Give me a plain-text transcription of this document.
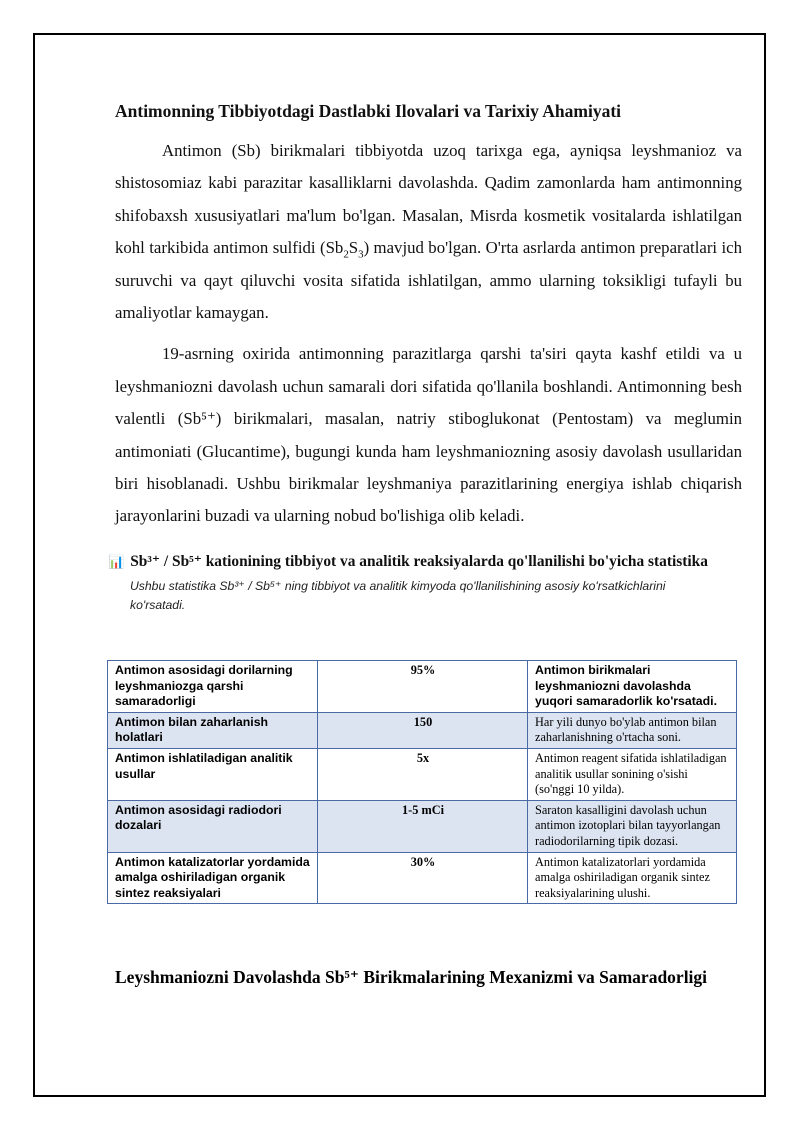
Antimonning Tibbiyotdagi Dastlabki Ilovalari va Tarixiy Ahamiyati

Antimon (Sb) birikmalari tibbiyotda uzoq tarixga ega, ayniqsa leyshmanioz va shistosomiaz kabi parazitar kasalliklarni davolashda. Qadim zamonlarda ham antimonning shifobaxsh xususiyatlari ma'lum bo'lgan. Masalan, Misrda kosmetik vositalarda ishlatilgan kohl tarkibida antimon sulfidi $(Sb_2S_3)$ mavjud bo'lgan. O'rta asrlarda antimon preparatlari ich suruvchi va qayt qiluvchi vosita sifatida ishlatilgan, ammo ularning toksikligi tufayli bu amaliyotlar kamaygan.

19-asrning oxirida antimonning parazitlarga qarshi ta'siri qayta kashf etildi va u leyshmaniozni davolash uchun samarali dori sifatida qo'llanila boshlandi. Antimonning besh valentli (Sb⁵⁺) birikmalari, masalan, natriy stiboglukonat (Pentostam) va meglumin antimoniati (Glucantime), bugungi kunda ham leyshmaniozning asosiy davolash usullaridan biri hisoblanadi. Ushbu birikmalar leyshmaniya parazitlarining energiya ishlab chiqarish jarayonlarini buzadi va ularning nobud bo'lishiga olib keladi.

📊 Sb³⁺ / Sb⁵⁺ kationining tibbiyot va analitik reaksiyalarda qo'llanilishi bo'yicha statistika
Ushbu statistika Sb³⁺ / Sb⁵⁺ ning tibbiyot va analitik kimyoda qo'llanilishining asosiy ko'rsatkichlarini ko'rsatadi.
Antimon asosidagi dorilarning leyshmaniozga qarshi samaradorligi	95%	Antimon birikmalari leyshmaniozni davolashda yuqori samaradorlik ko'rsatadi.
Antimon bilan zaharlanish holatlari	150	Har yili dunyo bo'ylab antimon bilan zaharlanishning o'rtacha soni.
Antimon ishlatiladigan analitik usullar	5x	Antimon reagent sifatida ishlatiladigan analitik usullar sonining o'sishi (so'nggi 10 yilda).
Antimon asosidagi radiodori dozalari	1-5 mCi	Saraton kasalligini davolash uchun antimon izotoplari bilan tayyorlangan radiodorilarning tipik dozasi.
Antimon katalizatorlar yordamida amalga oshiriladigan organik sintez reaksiyalari	30%	Antimon katalizatorlari yordamida amalga oshiriladigan organik sintez reaksiyalarining ulushi.
Leyshmaniozni Davolashda Sb⁵⁺ Birikmalarining Mexanizmi va Samaradorligi
